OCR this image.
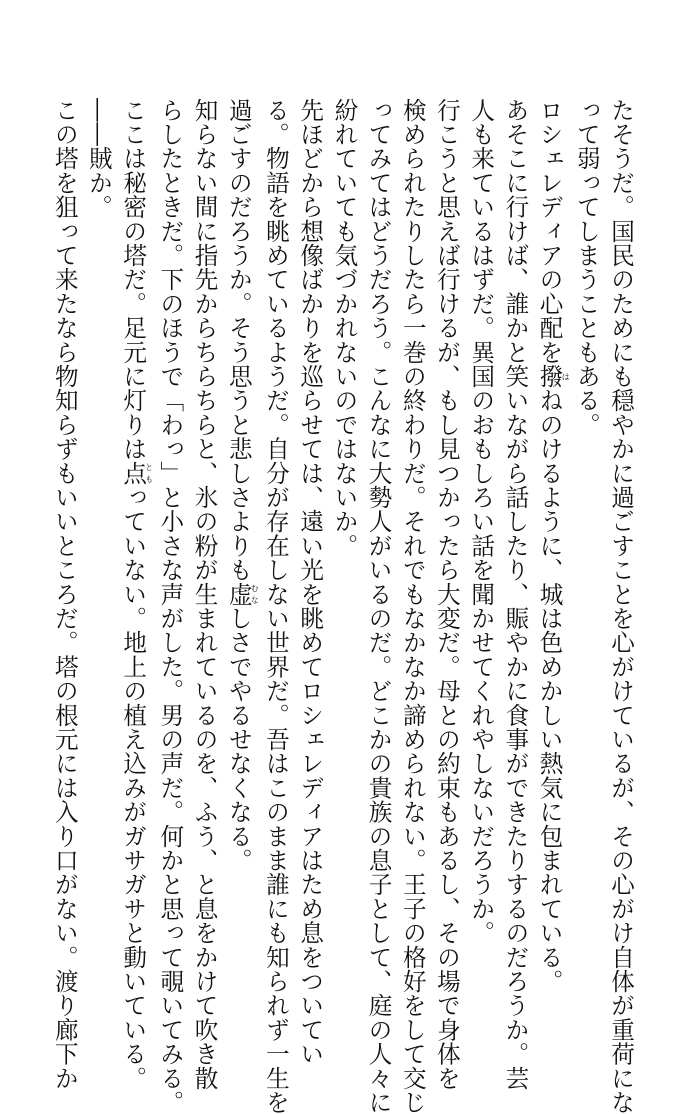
たそうだ。国民のためにも穏やかに過ごすことを心がけているが、その心がけ自体が重荷にな
って弱ってしまうこともある。
ロシェレディアの心配を撥はねのけるように、城は色めかしい熱気に包まれている。
あそこに行けば、誰かと笑いながら話したり、賑やかに食事ができたりするのだろうか。芸
人も来ているはずだ。異国のおもしろい話を聞かせてくれやしないだろうか。
行こうと思えば行けるが、もし見つかったら大変だ。母との約束もあるし、その場で身体を
検められたりしたら一巻の終わりだ。それでもなかなか諦められない。王子の格好をして交じ
ってみてはどうだろう。こんなに大勢人がいるのだ。どこかの貴族の息子として、庭の人々に
紛れていても気づかれないのではないか。
先ほどから想像ばかりを巡らせては、遠い光を眺めてロシェレディアはため息をついてい
る。物語を眺めているようだ。自分が存在しない世界だ。吾はこのまま誰にも知られず一生を
過ごすのだろうか。そう思うと悲しさよりも虚むなしさでやるせなくなる。
知らない間に指先からちらちらと、氷の粉が生まれているのを、ふう、と息をかけて吹き散
らしたときだ。下のほうで「わっ」と小さな声がした。男の声だ。何かと思って覗いてみる。
ここは秘密の塔だ。足元に灯りは点ともっていない。地上の植え込みがガサガサと動いている。
――賊か。
この塔を狙って来たなら物知らずもいいところだ。塔の根元には入り口がない。渡り廊下か
